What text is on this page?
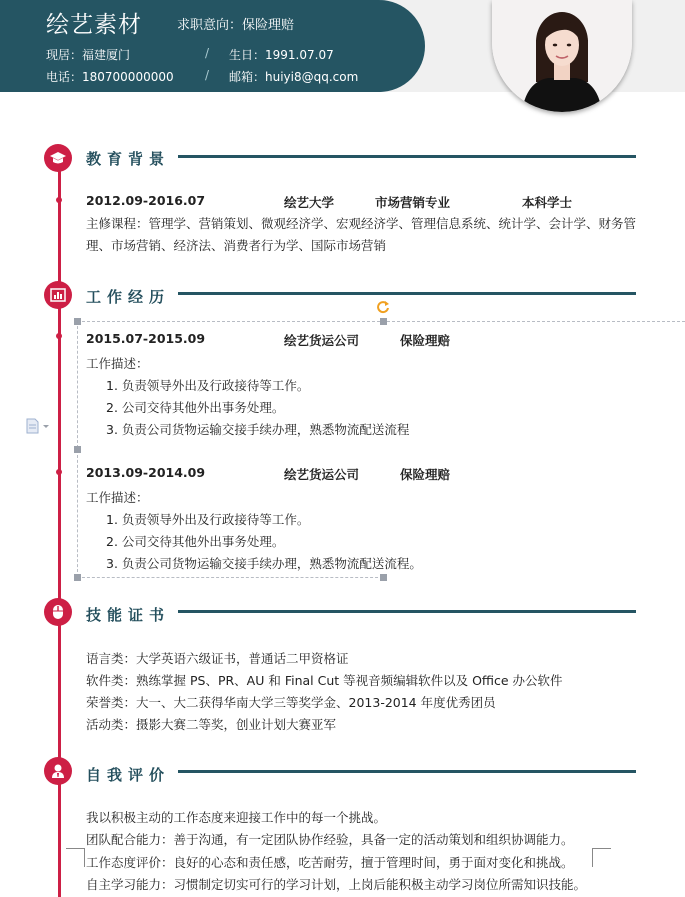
绘艺素材	求职意向：保险理赔
现居：福建厦门	/ 生日：1991.07.07
电话：180700000000	/ 邮箱：huiyi8@qq.com
教育背景
2012.09-2016.07	绘艺大学	市场营销专业	本科学士
主修课程：管理学、营销策划、微观经济学、宏观经济学、管理信息系统、统计学、会计学、财务管理、市场营销、经济法、消费者行为学、国际市场营销
工作经历
2015.07-2015.09	绘艺货运公司	保险理赔
工作描述：
1. 负责领导外出及行政接待等工作。
2. 公司交待其他外出事务处理。
3. 负责公司货物运输交接手续办理，熟悉物流配送流程
2013.09-2014.09	绘艺货运公司	保险理赔
工作描述：
1. 负责领导外出及行政接待等工作。
2. 公司交待其他外出事务处理。
3. 负责公司货物运输交接手续办理，熟悉物流配送流程。
技能证书
语言类：大学英语六级证书，普通话二甲资格证
软件类：熟练掌握 PS、PR、AU 和 Final Cut 等视音频编辑软件以及 Office 办公软件
荣誉类：大一、大二获得华南大学三等奖学金、2013-2014 年度优秀团员
活动类：摄影大赛二等奖，创业计划大赛亚军
自我评价
我以积极主动的工作态度来迎接工作中的每一个挑战。
团队配合能力：善于沟通，有一定团队协作经验，具备一定的活动策划和组织协调能力。
工作态度评价：良好的心态和责任感，吃苦耐劳，擅于管理时间，勇于面对变化和挑战。
自主学习能力：习惯制定切实可行的学习计划，上岗后能积极主动学习岗位所需知识技能。
